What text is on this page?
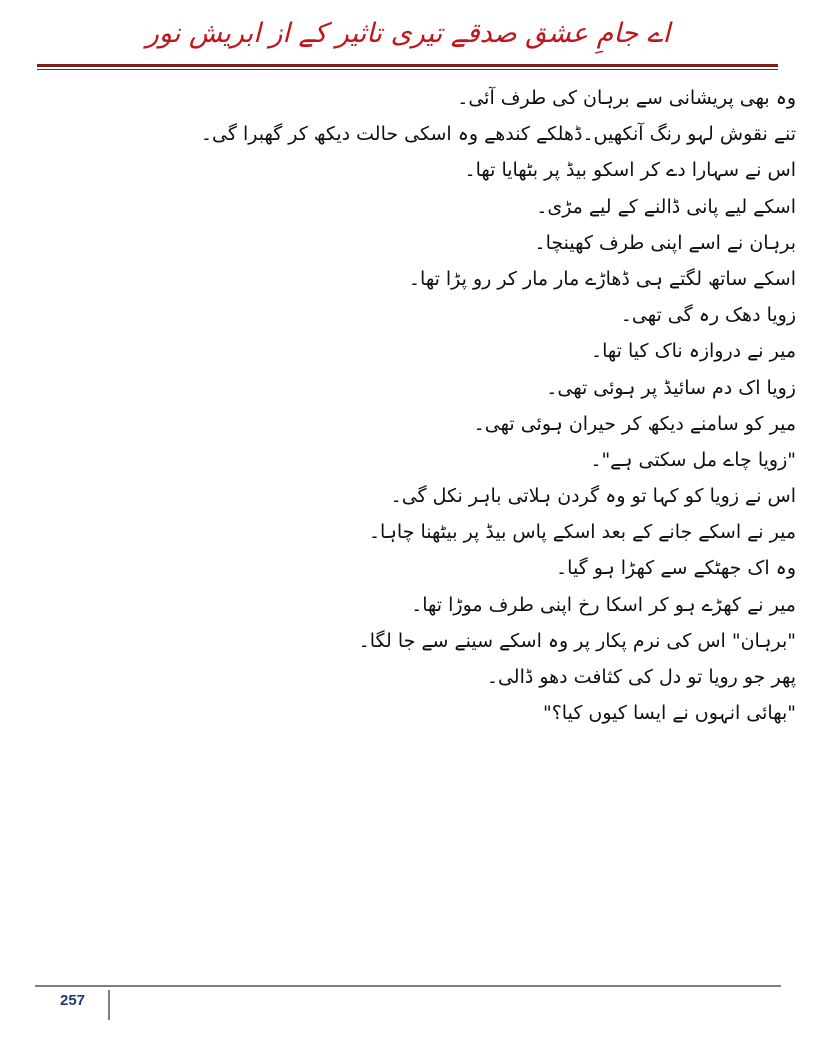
اے جامِ عشق صدقے تیری تاثیر کے از ابریش نور
وہ بھی پریشانی سے برہان کی طرف آئی۔
تنے نقوش لہو رنگ آنکھیں۔ڈھلکے کندھے وہ اسکی حالت دیکھ کر گھبرا گی۔
اس نے سہارا دے کر اسکو بیڈ پر بٹھایا تھا۔
اسکے لیے پانی ڈالنے کے لیے مڑی۔
برہان نے اسے اپنی طرف کھینچا۔
اسکے ساتھ لگتے ہی ڈھاڑے مار مار کر رو پڑا تھا۔
زویا دھک رہ گی تھی۔
میر نے دروازہ ناک کیا تھا۔
زویا اک دم سائیڈ پر ہوئی تھی۔
میر کو سامنے دیکھ کر حیران ہوئی تھی۔
"زویا چاے مل سکتی ہے"۔
اس نے زویا کو کہا تو وہ گردن ہلاتی باہر نکل گی۔
میر نے اسکے جانے کے بعد اسکے پاس بیڈ پر بیٹھنا چاہا۔
وہ اک جھٹکے سے کھڑا ہو گیا۔
میر نے کھڑے ہو کر اسکا رخ اپنی طرف موڑا تھا۔
"برہان" اس کی نرم پکار پر وہ اسکے سینے سے جا لگا۔
پھر جو رویا تو دل کی کثافت دھو ڈالی۔
"بھائی انہوں نے ایسا کیوں کیا؟"
257
